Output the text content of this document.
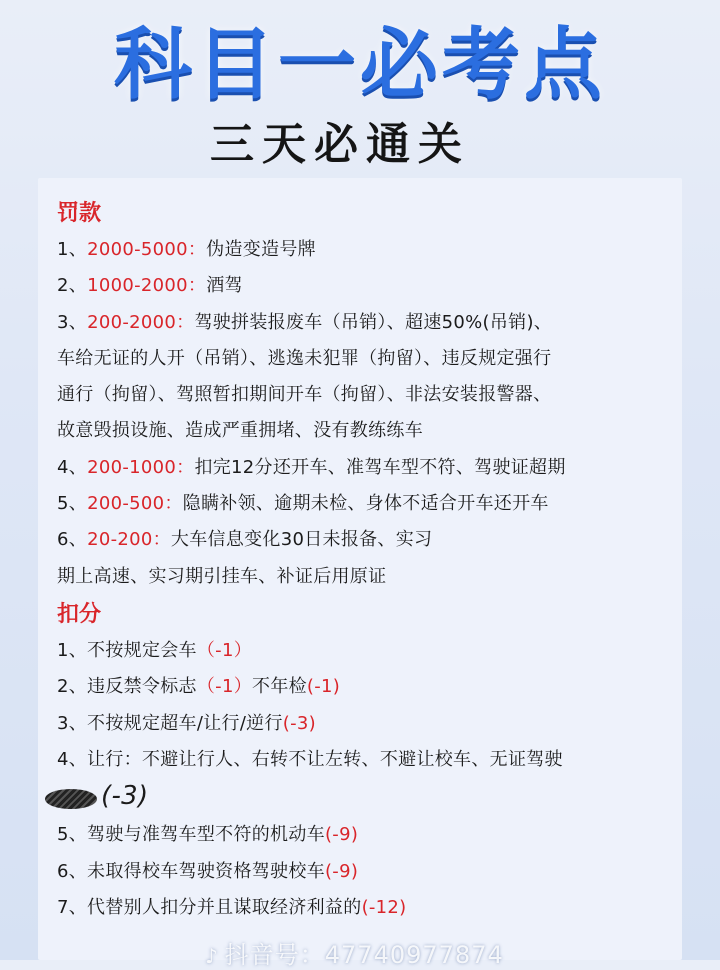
科目一必考点
三天必通关
罚款
1、2000-5000：伪造变造号牌
2、1000-2000：酒驾
3、200-2000：驾驶拼装报废车（吊销）、超速50%(吊销)、
车给无证的人开（吊销）、逃逸未犯罪（拘留）、违反规定强行
通行（拘留）、驾照暂扣期间开车（拘留）、非法安装报警器、
故意毁损设施、造成严重拥堵、没有教练练车
4、200-1000：扣完12分还开车、准驾车型不符、驾驶证超期
5、200-500：隐瞒补领、逾期未检、身体不适合开车还开车
6、20-200：大车信息变化30日未报备、实习
期上高速、实习期引挂车、补证后用原证
扣分
1、不按规定会车（-1）
2、违反禁令标志（-1）不年检(-1)
3、不按规定超车/让行/逆行(-3)
4、让行：不避让行人、右转不让左转、不避让校车、无证驾驶
(-3)
5、驾驶与准驾车型不符的机动车(-9)
6、未取得校车驾驶资格驾驶校车(-9)
7、代替别人扣分并且谋取经济利益的(-12)
♪ 抖音号：47740977874
